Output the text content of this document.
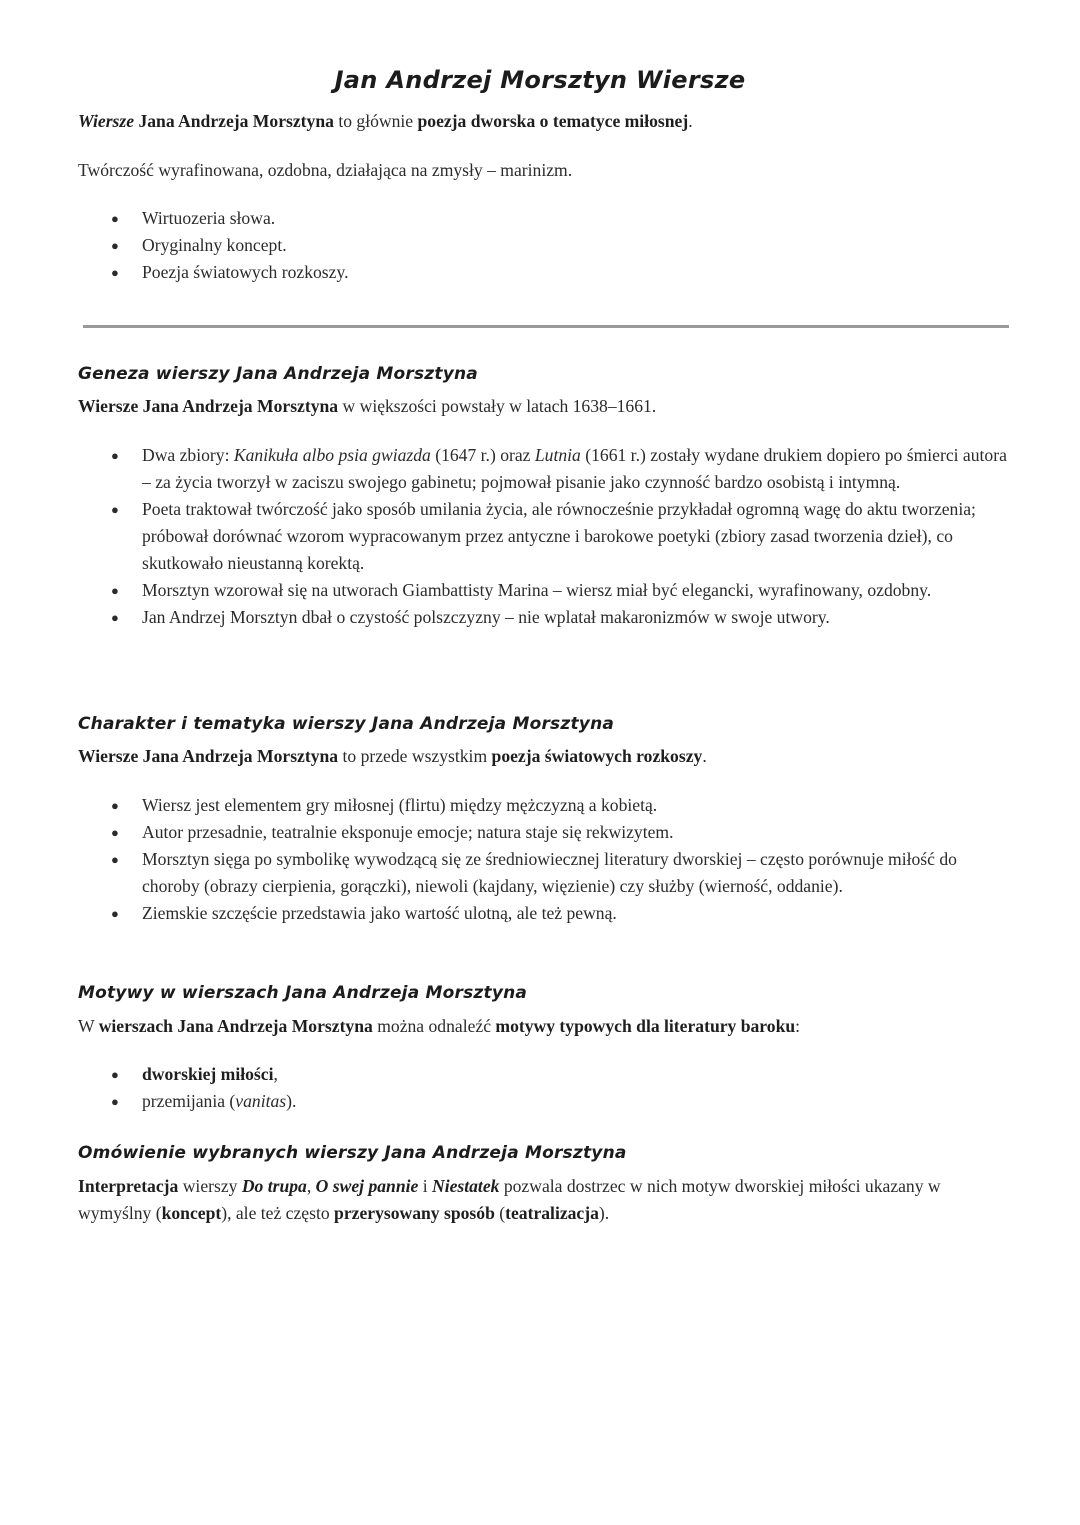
Jan Andrzej Morsztyn Wiersze

Wiersze Jana Andrzeja Morsztyna to głównie poezja dworska o tematyce miłosnej.

Twórczość wyrafinowana, ozdobna, działająca na zmysły – marinizm.

● Wirtuozeria słowa.
● Oryginalny koncept.
● Poezja światowych rozkoszy.
Geneza wierszy Jana Andrzeja Morsztyna

Wiersze Jana Andrzeja Morsztyna w większości powstały w latach 1638–1661.

● Dwa zbiory: Kanikuła albo psia gwiazda (1647 r.) oraz Lutnia (1661 r.) zostały wydane drukiem dopiero po śmierci autora – za życia tworzył w zaciszu swojego gabinetu; pojmował pisanie jako czynność bardzo osobistą i intymną.
● Poeta traktował twórczość jako sposób umilania życia, ale równocześnie przykładał ogromną wagę do aktu tworzenia; próbował dorównać wzorom wypracowanym przez antyczne i barokowe poetyki (zbiory zasad tworzenia dzieł), co skutkowało nieustanną korektą.
● Morsztyn wzorował się na utworach Giambattisty Marina – wiersz miał być elegancki, wyrafinowany, ozdobny.
● Jan Andrzej Morsztyn dbał o czystość polszczyzny – nie wplatał makaronizmów w swoje utwory.
Charakter i tematyka wierszy Jana Andrzeja Morsztyna

Wiersze Jana Andrzeja Morsztyna to przede wszystkim poezja światowych rozkoszy.

● Wiersz jest elementem gry miłosnej (flirtu) między mężczyzną a kobietą.
● Autor przesadnie, teatralnie eksponuje emocje; natura staje się rekwizytem.
● Morsztyn sięga po symbolikę wywodzącą się ze średniowiecznej literatury dworskiej – często porównuje miłość do choroby (obrazy cierpienia, gorączki), niewoli (kajdany, więzienie) czy służby (wierność, oddanie).
● Ziemskie szczęście przedstawia jako wartość ulotną, ale też pewną.
Motywy w wierszach Jana Andrzeja Morsztyna

W wierszach Jana Andrzeja Morsztyna można odnaleźć motywy typowych dla literatury baroku:

● dworskiej miłości,
● przemijania (vanitas).
Omówienie wybranych wierszy Jana Andrzeja Morsztyna

Interpretacja wierszy Do trupa, O swej pannie i Niestatek pozwala dostrzec w nich motyw dworskiej miłości ukazany w wymyślny (koncept), ale też często przerysowany sposób (teatralizacja).
